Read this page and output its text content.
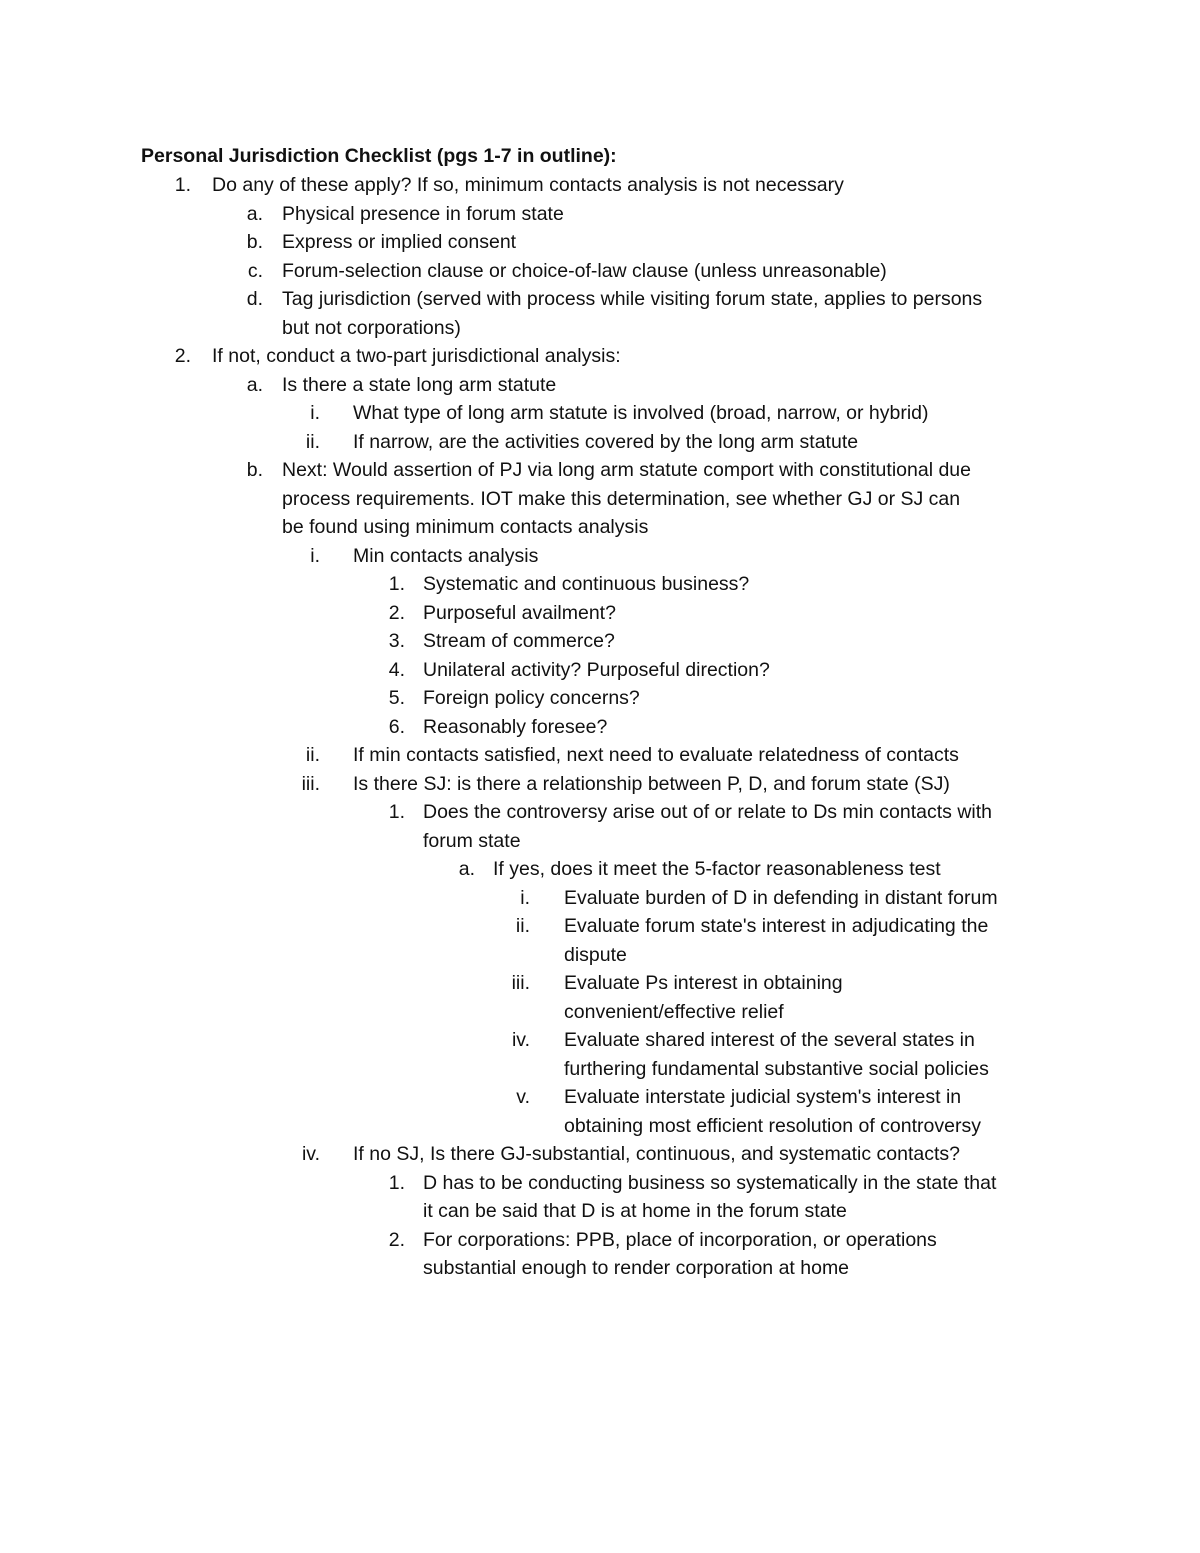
Personal Jurisdiction Checklist (pgs 1-7 in outline):
1. Do any of these apply? If so, minimum contacts analysis is not necessary
a. Physical presence in forum state
b. Express or implied consent
c. Forum-selection clause or choice-of-law clause (unless unreasonable)
d. Tag jurisdiction (served with process while visiting forum state, applies to persons
but not corporations)
2. If not, conduct a two-part jurisdictional analysis:
a. Is there a state long arm statute
i. What type of long arm statute is involved (broad, narrow, or hybrid)
ii. If narrow, are the activities covered by the long arm statute
b. Next: Would assertion of PJ via long arm statute comport with constitutional due
process requirements. IOT make this determination, see whether GJ or SJ can
be found using minimum contacts analysis
i. Min contacts analysis
1. Systematic and continuous business?
2. Purposeful availment?
3. Stream of commerce?
4. Unilateral activity? Purposeful direction?
5. Foreign policy concerns?
6. Reasonably foresee?
ii. If min contacts satisfied, next need to evaluate relatedness of contacts
iii. Is there SJ: is there a relationship between P, D, and forum state (SJ)
1. Does the controversy arise out of or relate to Ds min contacts with
forum state
a. If yes, does it meet the 5-factor reasonableness test
i. Evaluate burden of D in defending in distant forum
ii. Evaluate forum state's interest in adjudicating the
dispute
iii. Evaluate Ps interest in obtaining
convenient/effective relief
iv. Evaluate shared interest of the several states in
furthering fundamental substantive social policies
v. Evaluate interstate judicial system's interest in
obtaining most efficient resolution of controversy
iv. If no SJ, Is there GJ-substantial, continuous, and systematic contacts?
1. D has to be conducting business so systematically in the state that
it can be said that D is at home in the forum state
2. For corporations: PPB, place of incorporation, or operations
substantial enough to render corporation at home
